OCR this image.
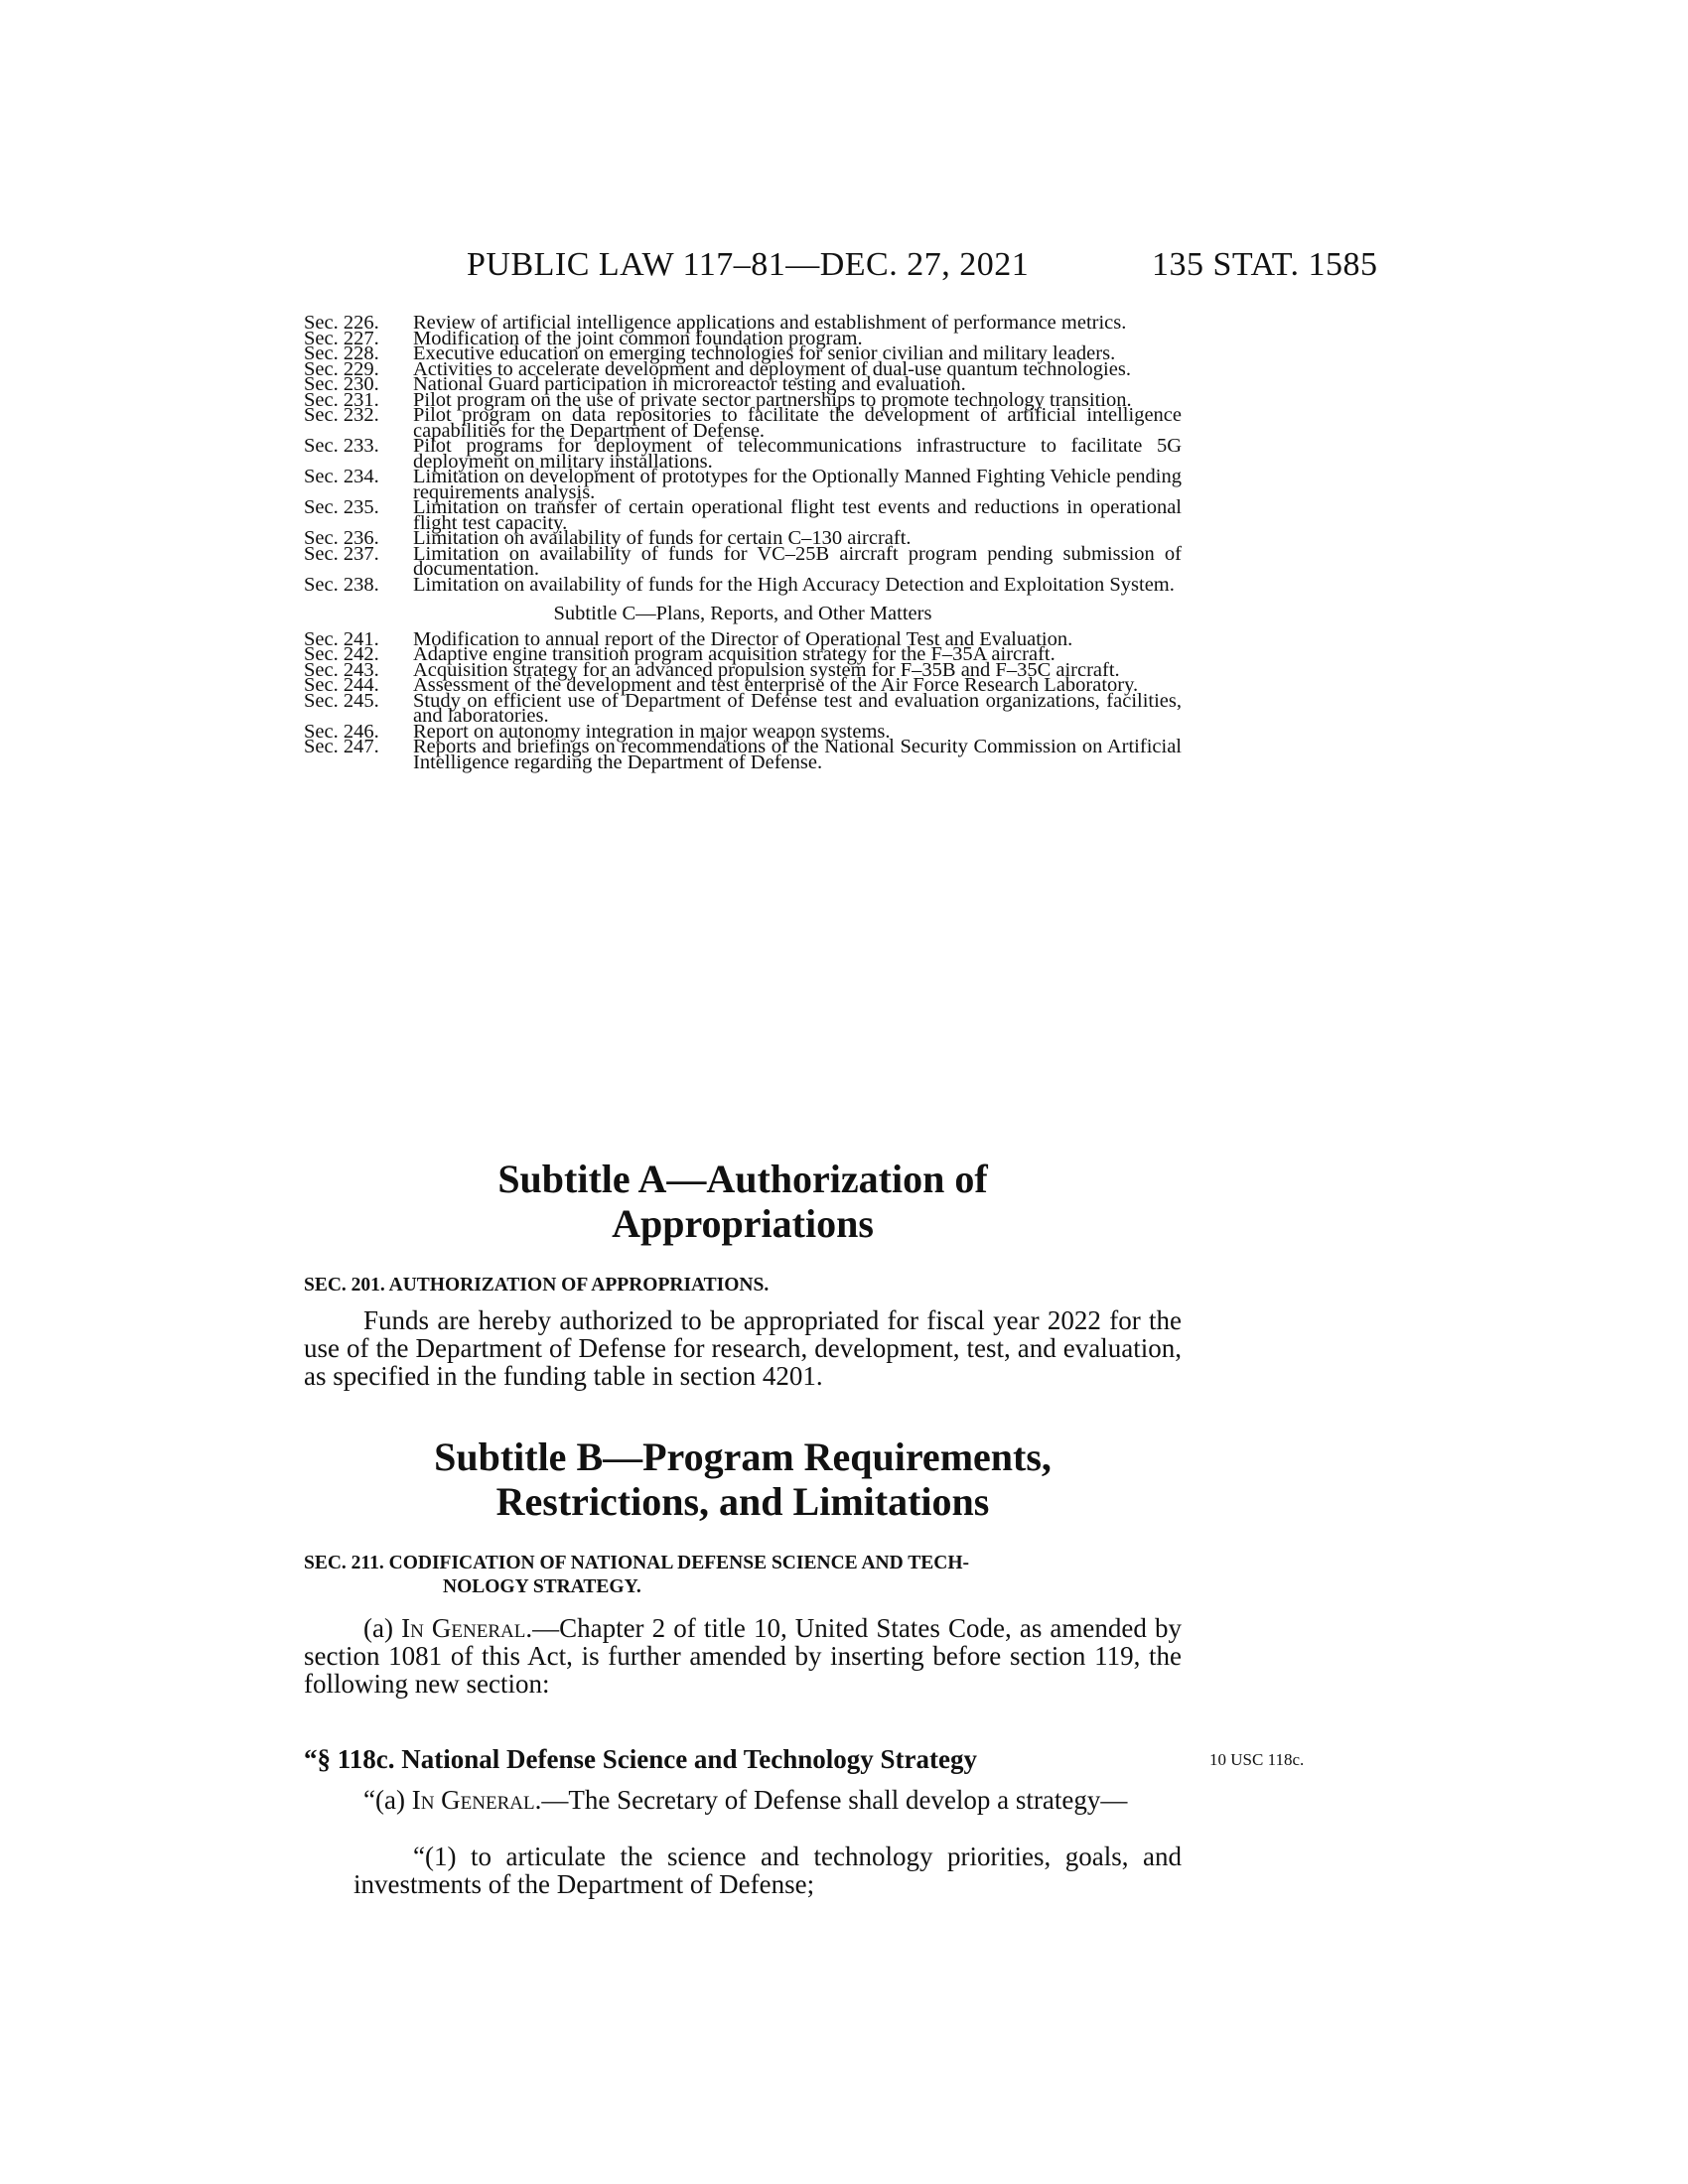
PUBLIC LAW 117–81—DEC. 27, 2021	135 STAT. 1585
Sec. 226.	Review of artificial intelligence applications and establishment of performance metrics.
Sec. 227.	Modification of the joint common foundation program.
Sec. 228.	Executive education on emerging technologies for senior civilian and military leaders.
Sec. 229.	Activities to accelerate development and deployment of dual-use quantum technologies.
Sec. 230.	National Guard participation in microreactor testing and evaluation.
Sec. 231.	Pilot program on the use of private sector partnerships to promote technology transition.
Sec. 232.	Pilot program on data repositories to facilitate the development of artificial intelligence capabilities for the Department of Defense.
Sec. 233.	Pilot programs for deployment of telecommunications infrastructure to facilitate 5G deployment on military installations.
Sec. 234.	Limitation on development of prototypes for the Optionally Manned Fighting Vehicle pending requirements analysis.
Sec. 235.	Limitation on transfer of certain operational flight test events and reductions in operational flight test capacity.
Sec. 236.	Limitation on availability of funds for certain C–130 aircraft.
Sec. 237.	Limitation on availability of funds for VC–25B aircraft program pending submission of documentation.
Sec. 238.	Limitation on availability of funds for the High Accuracy Detection and Exploitation System.
Subtitle C—Plans, Reports, and Other Matters
Sec. 241.	Modification to annual report of the Director of Operational Test and Evaluation.
Sec. 242.	Adaptive engine transition program acquisition strategy for the F–35A aircraft.
Sec. 243.	Acquisition strategy for an advanced propulsion system for F–35B and F–35C aircraft.
Sec. 244.	Assessment of the development and test enterprise of the Air Force Research Laboratory.
Sec. 245.	Study on efficient use of Department of Defense test and evaluation organizations, facilities, and laboratories.
Sec. 246.	Report on autonomy integration in major weapon systems.
Sec. 247.	Reports and briefings on recommendations of the National Security Commission on Artificial Intelligence regarding the Department of Defense.
Subtitle A—Authorization of
Appropriations
SEC. 201. AUTHORIZATION OF APPROPRIATIONS.
Funds are hereby authorized to be appropriated for fiscal year 2022 for the use of the Department of Defense for research, development, test, and evaluation, as specified in the funding table in section 4201.
Subtitle B—Program Requirements,
Restrictions, and Limitations
SEC. 211. CODIFICATION OF NATIONAL DEFENSE SCIENCE AND TECH-
NOLOGY STRATEGY.
(a) In General.—Chapter 2 of title 10, United States Code, as amended by section 1081 of this Act, is further amended by inserting before section 119, the following new section:
“§ 118c. National Defense Science and Technology Strategy	10 USC 118c.
“(a) In General.—The Secretary of Defense shall develop a strategy—
“(1) to articulate the science and technology priorities, goals, and investments of the Department of Defense;
